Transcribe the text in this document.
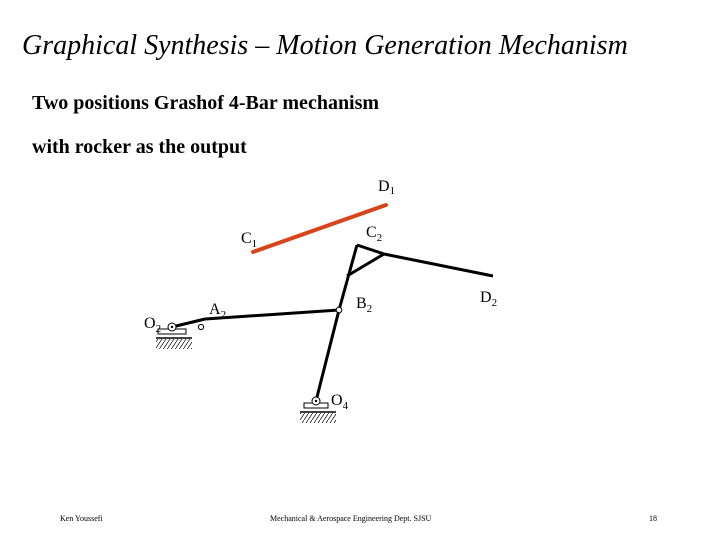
Graphical Synthesis – Motion Generation Mechanism

Two positions Grashof 4-Bar mechanism

with rocker as the output

D1
$C_1$
$C_2$
$O_2$
$A_2$
$B_2$
$D_2$
$O_4$
Ken Youssefi	Mechanical & Aerospace Engineering Dept. SJSU	18
